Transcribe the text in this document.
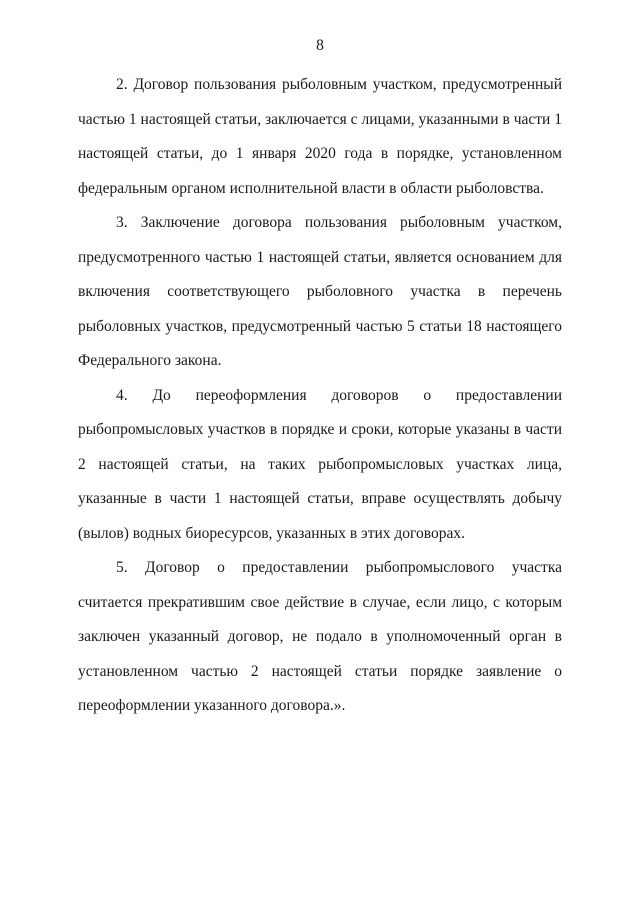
8

2. Договор пользования рыболовным участком, предусмотренный частью 1 настоящей статьи, заключается с лицами, указанными в части 1 настоящей статьи, до 1 января 2020 года в порядке, установленном федеральным органом исполнительной власти в области рыболовства.

3. Заключение договора пользования рыболовным участком, предусмотренного частью 1 настоящей статьи, является основанием для включения соответствующего рыболовного участка в перечень рыболовных участков, предусмотренный частью 5 статьи 18 настоящего Федерального закона.

4. До переоформления договоров о предоставлении рыбопромысловых участков в порядке и сроки, которые указаны в части 2 настоящей статьи, на таких рыбопромысловых участках лица, указанные в части 1 настоящей статьи, вправе осуществлять добычу (вылов) водных биоресурсов, указанных в этих договорах.

5. Договор о предоставлении рыбопромыслового участка считается прекратившим свое действие в случае, если лицо, с которым заключен указанный договор, не подало в уполномоченный орган в установленном частью 2 настоящей статьи порядке заявление о переоформлении указанного договора.».
